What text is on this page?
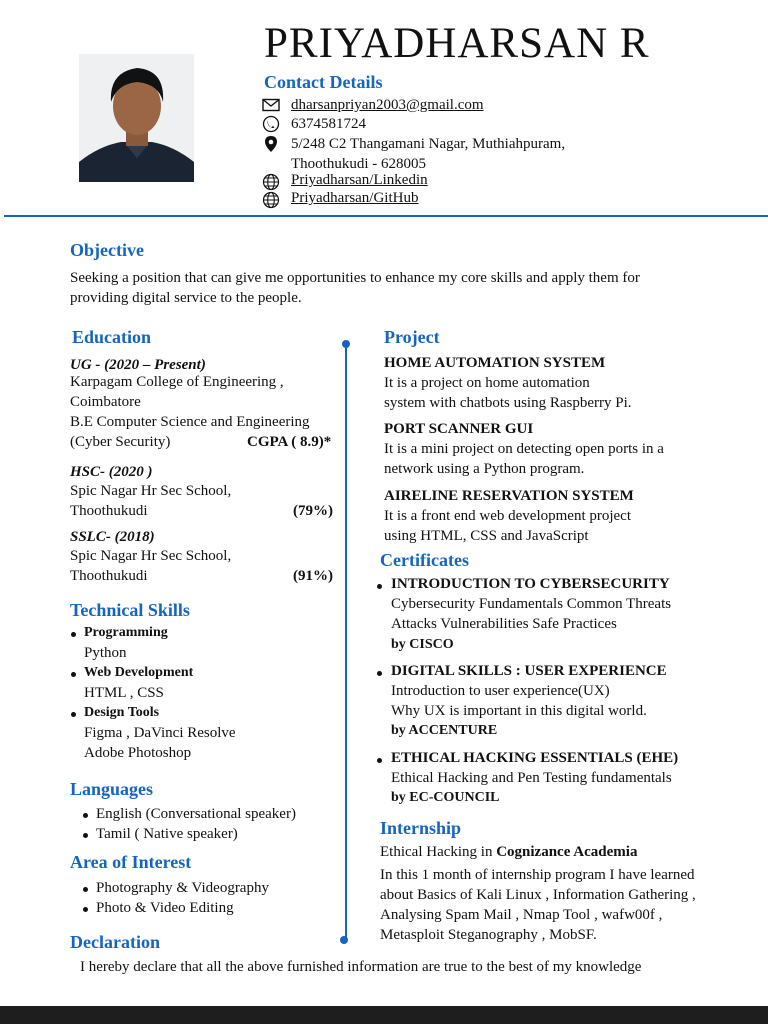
PRIYADHARSAN R
Contact Details
dharsanpriyan2003@gmail.com
6374581724
5/248 C2 Thangamani Nagar, Muthiahpuram,
Thoothukudi - 628005
Priyadharsan/Linkedin
Priyadharsan/GitHub
Objective
Seeking a position that can give me opportunities to enhance my core skills and apply them for
providing digital service to the people.
Education
UG - (2020 – Present)
Karpagam College of Engineering ,
Coimbatore
B.E Computer Science and Engineering
(Cyber Security)	CGPA ( 8.9)*
HSC- (2020 )
Spic Nagar Hr Sec School,
Thoothukudi	(79%)
SSLC- (2018)
Spic Nagar Hr Sec School,
Thoothukudi	(91%)
Technical Skills
Programming
Python
Web Development
HTML , CSS
Design Tools
Figma , DaVinci Resolve
Adobe Photoshop
Languages
English (Conversational speaker)
Tamil ( Native speaker)
Area of Interest
Photography & Videography
Photo & Video Editing
Declaration
I hereby declare that all the above furnished information are true to the best of my knowledge
Project
HOME AUTOMATION SYSTEM
It is a project on home automation
system with chatbots using Raspberry Pi.
PORT SCANNER GUI
It is a mini project on detecting open ports in a
network using a Python program.
AIRELINE RESERVATION SYSTEM
It is a front end web development project
using HTML, CSS and JavaScript
Certificates
INTRODUCTION TO CYBERSECURITY
Cybersecurity Fundamentals Common Threats
Attacks Vulnerabilities Safe Practices
by CISCO
DIGITAL SKILLS : USER EXPERIENCE
Introduction to user experience(UX)
Why UX is important in this digital world.
by ACCENTURE
ETHICAL HACKING ESSENTIALS (EHE)
Ethical Hacking and Pen Testing fundamentals
by EC-COUNCIL
Internship
Ethical Hacking in Cognizance Academia
In this 1 month of internship program I have learned
about Basics of Kali Linux , Information Gathering ,
Analysing Spam Mail , Nmap Tool , wafw00f ,
Metasploit Steganography , MobSF.
